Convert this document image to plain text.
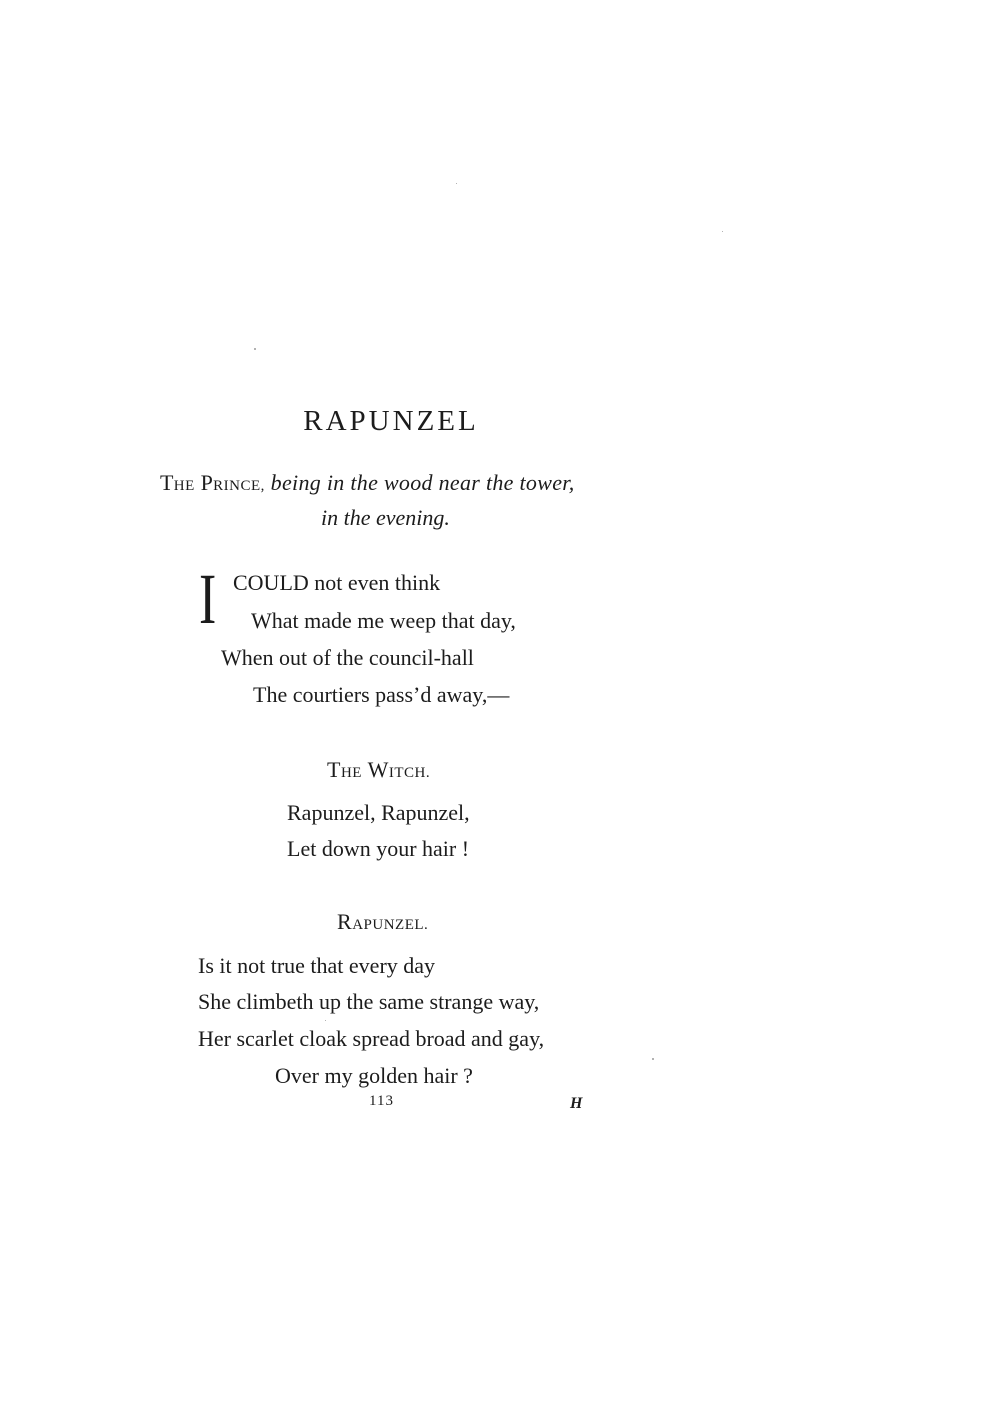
RAPUNZEL
THE PRINCE, being in the wood near the tower,
in the evening.
I COULD not even think
What made me weep that day,
When out of the council-hall
The courtiers pass’d away,—
THE WITCH.
Rapunzel, Rapunzel,
Let down your hair !
RAPUNZEL.
Is it not true that every day
She climbeth up the same strange way,
Her scarlet cloak spread broad and gay,
Over my golden hair ?
113	H
